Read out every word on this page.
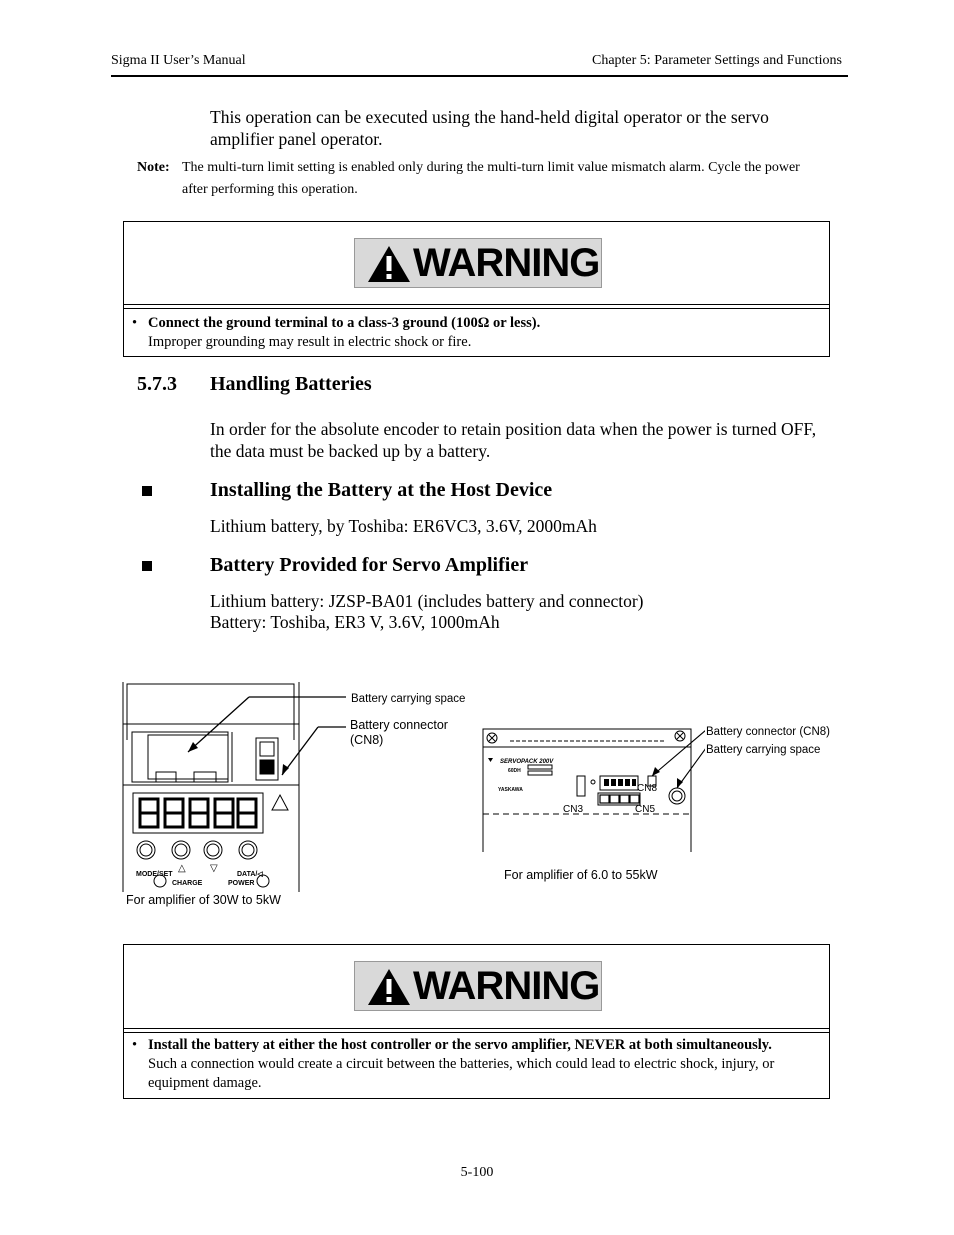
Sigma II User’s Manual	Chapter 5: Parameter Settings and Functions
This operation can be executed using the hand-held digital operator or the servo amplifier panel operator.
Note: The multi-turn limit setting is enabled only during the multi-turn limit value mismatch alarm. Cycle the power after performing this operation.
WARNING
• Connect the ground terminal to a class-3 ground (100Ω or less).
Improper grounding may result in electric shock or fire.
5.7.3 Handling Batteries
In order for the absolute encoder to retain position data when the power is turned OFF, the data must be backed up by a battery.
Installing the Battery at the Host Device
Lithium battery, by Toshiba: ER6VC3, 3.6V, 2000mAh
Battery Provided for Servo Amplifier
Lithium battery: JZSP-BA01 (includes battery and connector)
Battery: Toshiba, ER3 V, 3.6V, 1000mAh
Battery carrying space
Battery connector
(CN8)
MODE/SET
△ ▽
DATA/◁
CHARGE	POWER
For amplifier of 30W to 5kW
Battery connector (CN8)
Battery carrying space
SERVOPACK 200V
60DH
YASKAWA	CN8
CN3	CN5
For amplifier of 6.0 to 55kW
WARNING
• Install the battery at either the host controller or the servo amplifier, NEVER at both simultaneously.
Such a connection would create a circuit between the batteries, which could lead to electric shock, injury, or equipment damage.
5-100
